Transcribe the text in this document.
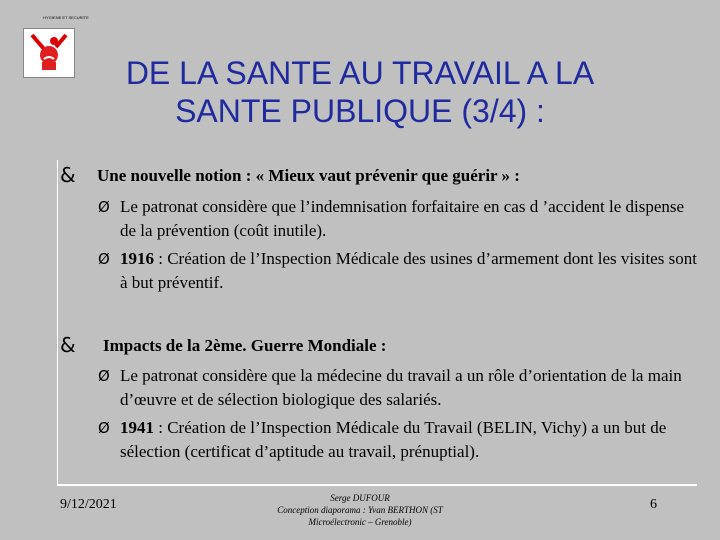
HYGIENE ET SECURITE
DE LA SANTE AU TRAVAIL A LA
SANTE PUBLIQUE (3/4) :
& Une nouvelle notion : « Mieux vaut prévenir que guérir » :
Ø Le patronat considère que l’indemnisation forfaitaire en cas d ’accident le dispense de la prévention (coût inutile).
Ø 1916 : Création de l’Inspection Médicale des usines d’armement dont les visites sont à but préventif.
& Impacts de la 2ème. Guerre Mondiale :
Ø Le patronat considère que la médecine du travail a un rôle d’orientation de la main d’œuvre et de sélection biologique des salariés.
Ø 1941 : Création de l’Inspection Médicale du Travail (BELIN, Vichy) a un but de sélection (certificat d’aptitude au travail, prénuptial).
9/12/2021	Serge DUFOUR
Conception diaporama : Yvan BERTHON (ST
Microélectronic – Grenoble)
6
